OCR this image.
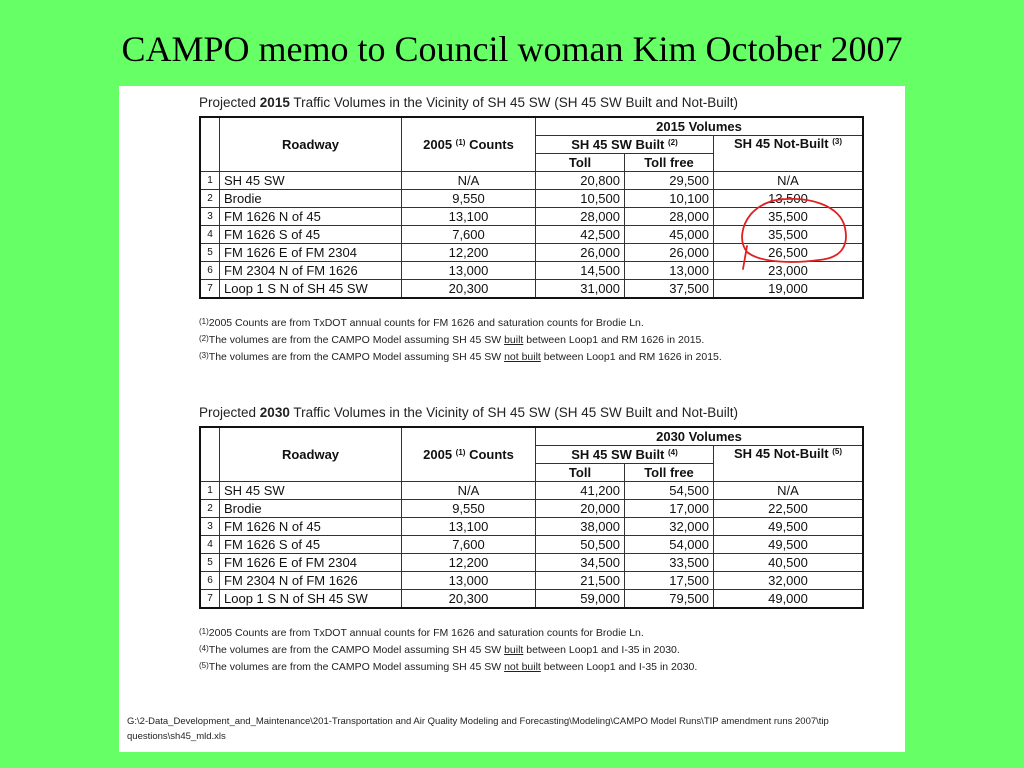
CAMPO memo to Council woman Kim October 2007
Projected 2015 Traffic Volumes in the Vicinity of SH 45 SW (SH 45 SW Built and Not-Built)
	Roadway	2005 $^{(1)}$ Counts	2015 Volumes		
			SH 45 SW Built $^{(2)}$		SH 45 Not-Built $^{(3)}$
			Toll	Toll free	
1	SH 45 SW	N/A	20,800	29,500	N/A
2	Brodie	9,550	10,500	10,100	13,500
3	FM 1626 N of 45	13,100	28,000	28,000	35,500
4	FM 1626 S of 45	7,600	42,500	45,000	35,500
5	FM 1626 E of FM 2304	12,200	26,000	26,000	26,500
6	FM 2304 N of FM 1626	13,000	14,500	13,000	23,000
7	Loop 1 S N of SH 45 SW	20,300	31,000	37,500	19,000
$^{(1)}$2005 Counts are from TxDOT annual counts for FM 1626 and saturation counts for Brodie Ln.
$^{(2)}$The volumes are from the CAMPO Model assuming SH 45 SW built between Loop1 and RM 1626 in 2015.
$^{(3)}$The volumes are from the CAMPO Model assuming SH 45 SW not built between Loop1 and RM 1626 in 2015.
Projected 2030 Traffic Volumes in the Vicinity of SH 45 SW (SH 45 SW Built and Not-Built)
	Roadway	2005 $^{(1)}$ Counts	2030 Volumes		
			SH 45 SW Built $^{(4)}$		SH 45 Not-Built $^{(5)}$
			Toll	Toll free	
1	SH 45 SW	N/A	41,200	54,500	N/A
2	Brodie	9,550	20,000	17,000	22,500
3	FM 1626 N of 45	13,100	38,000	32,000	49,500
4	FM 1626 S of 45	7,600	50,500	54,000	49,500
5	FM 1626 E of FM 2304	12,200	34,500	33,500	40,500
6	FM 2304 N of FM 1626	13,000	21,500	17,500	32,000
7	Loop 1 S N of SH 45 SW	20,300	59,000	79,500	49,000
$^{(1)}$2005 Counts are from TxDOT annual counts for FM 1626 and saturation counts for Brodie Ln.
$^{(4)}$The volumes are from the CAMPO Model assuming SH 45 SW built between Loop1 and I-35 in 2030.
$^{(5)}$The volumes are from the CAMPO Model assuming SH 45 SW not built between Loop1 and I-35 in 2030.
G:\2-Data_Development_and_Maintenance\201-Transportation and Air Quality Modeling and Forecasting\Modeling\CAMPO Model Runs\TIP amendment runs 2007\tip questions\sh45_mld.xls
